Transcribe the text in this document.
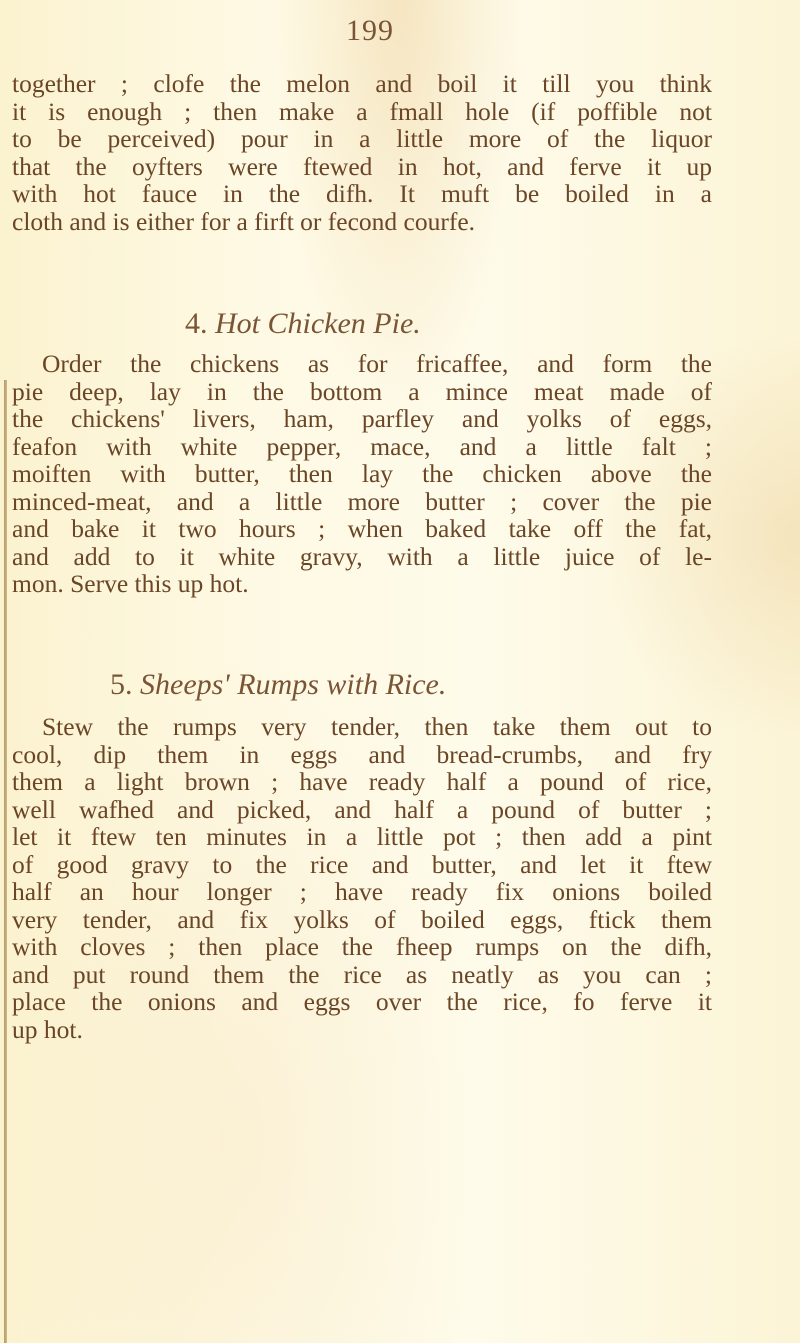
199
together ; clofe the melon and boil it till you think
it is enough ; then make a fmall hole (if poffible not
to be perceived) pour in a little more of the liquor
that the oyfters were ftewed in hot, and ferve it up
with hot fauce in the difh. It muft be boiled in a
cloth and is either for a firft or fecond courfe.
4. Hot Chicken Pie.
Order the chickens as for fricaffee, and form the
pie deep, lay in the bottom a mince meat made of
the chickens' livers, ham, parfley and yolks of eggs,
feafon with white pepper, mace, and a little falt ;
moiften with butter, then lay the chicken above the
minced-meat, and a little more butter ; cover the pie
and bake it two hours ; when baked take off the fat,
and add to it white gravy, with a little juice of le-
mon. Serve this up hot.
5. Sheeps' Rumps with Rice.
Stew the rumps very tender, then take them out to
cool, dip them in eggs and bread-crumbs, and fry
them a light brown ; have ready half a pound of rice,
well wafhed and picked, and half a pound of butter ;
let it ftew ten minutes in a little pot ; then add a pint
of good gravy to the rice and butter, and let it ftew
half an hour longer ; have ready fix onions boiled
very tender, and fix yolks of boiled eggs, ftick them
with cloves ; then place the fheep rumps on the difh,
and put round them the rice as neatly as you can ;
place the onions and eggs over the rice, fo ferve it
up hot.
